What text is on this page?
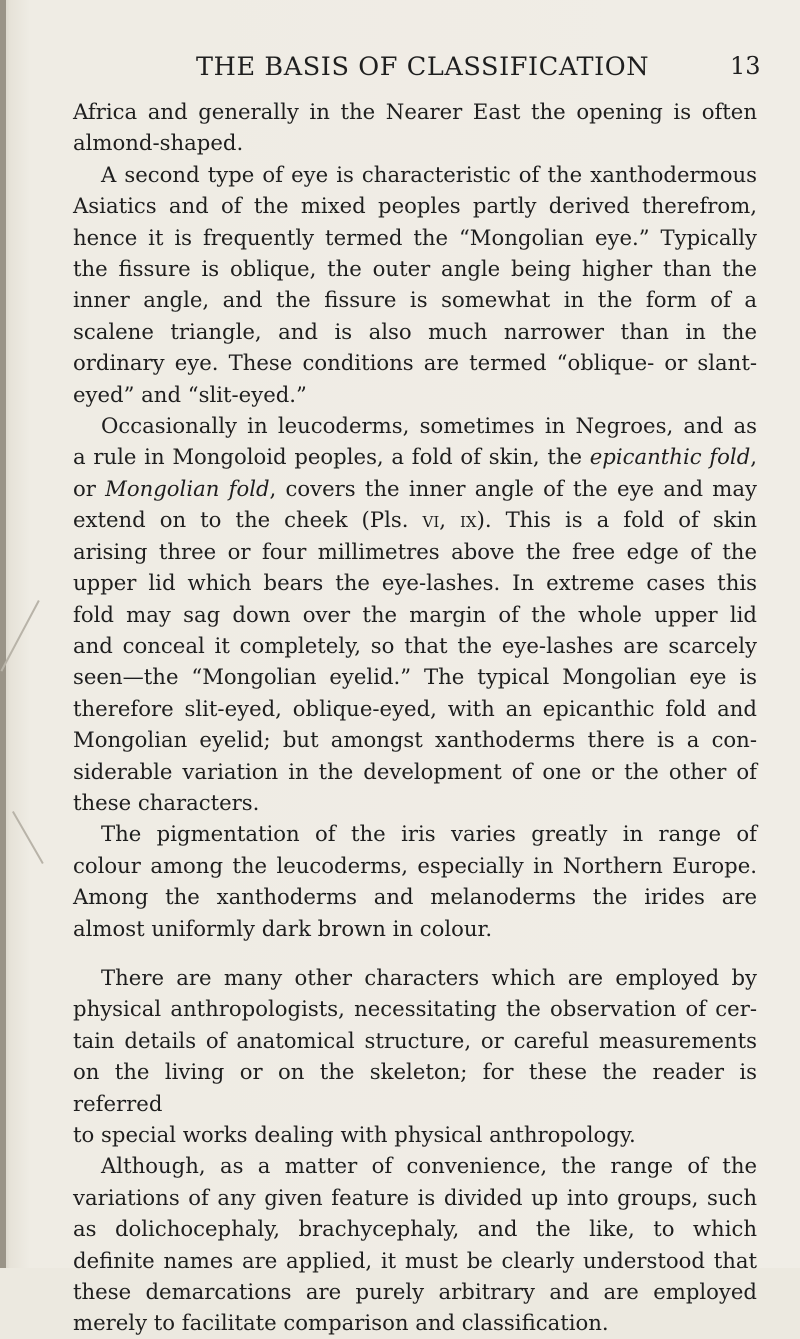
THE BASIS OF CLASSIFICATION	13

Africa and generally in the Nearer East the opening is often
almond-shaped.

A second type of eye is characteristic of the xanthodermous
Asiatics and of the mixed peoples partly derived therefrom,
hence it is frequently termed the “Mongolian eye.” Typically
the fissure is oblique, the outer angle being higher than the
inner angle, and the fissure is somewhat in the form of a
scalene triangle, and is also much narrower than in the
ordinary eye. These conditions are termed “oblique- or slant-
eyed” and “slit-eyed.”

Occasionally in leucoderms, sometimes in Negroes, and as
a rule in Mongoloid peoples, a fold of skin, the epicanthic fold,
or Mongolian fold, covers the inner angle of the eye and may
extend on to the cheek (Pls. vi, ix). This is a fold of skin
arising three or four millimetres above the free edge of the
upper lid which bears the eye-lashes. In extreme cases this
fold may sag down over the margin of the whole upper lid
and conceal it completely, so that the eye-lashes are scarcely
seen—the “Mongolian eyelid.” The typical Mongolian eye is
therefore slit-eyed, oblique-eyed, with an epicanthic fold and
Mongolian eyelid; but amongst xanthoderms there is a con-
siderable variation in the development of one or the other of
these characters.

The pigmentation of the iris varies greatly in range of
colour among the leucoderms, especially in Northern Europe.
Among the xanthoderms and melanoderms the irides are
almost uniformly dark brown in colour.

There are many other characters which are employed by
physical anthropologists, necessitating the observation of cer-
tain details of anatomical structure, or careful measurements
on the living or on the skeleton; for these the reader is referred
to special works dealing with physical anthropology.

Although, as a matter of convenience, the range of the
variations of any given feature is divided up into groups, such
as dolichocephaly, brachycephaly, and the like, to which
definite names are applied, it must be clearly understood that
these demarcations are purely arbitrary and are employed
merely to facilitate comparison and classification.
